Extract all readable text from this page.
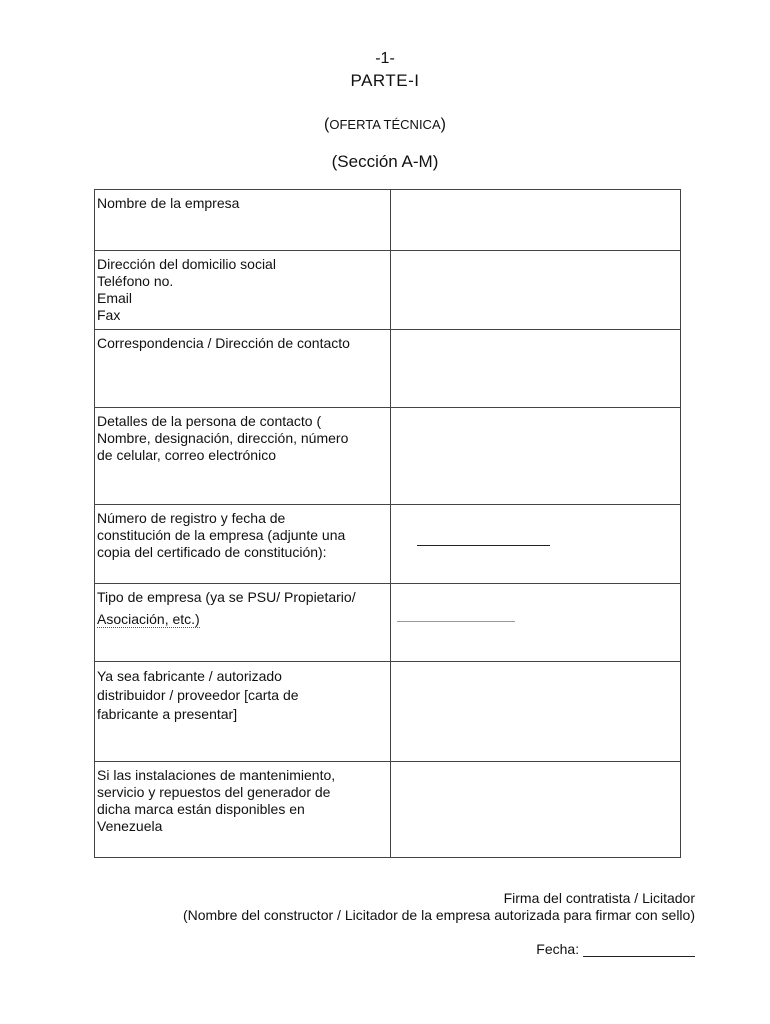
-1-
PARTE-I
(OFERTA TÉCNICA)
(Sección A-M)
Nombre de la empresa	

Dirección del domicilio social
Teléfono no.
Email
Fax	

Correspondencia / Dirección de contacto	

Detalles de la persona de contacto (
Nombre, designación, dirección, número
de celular, correo electrónico	

Número de registro y fecha de
constitución de la empresa (adjunte una
copia del certificado de constitución):	

Tipo de empresa (ya se PSU/ Propietario/
Asociación, etc.)	

Ya sea fabricante / autorizado
distribuidor / proveedor [carta de
fabricante a presentar]	

Si las instalaciones de mantenimiento,
servicio y repuestos del generador de
dicha marca están disponibles en
Venezuela	

Firma del contratista / Licitador
(Nombre del constructor / Licitador de la empresa autorizada para firmar con sello)
Fecha:
